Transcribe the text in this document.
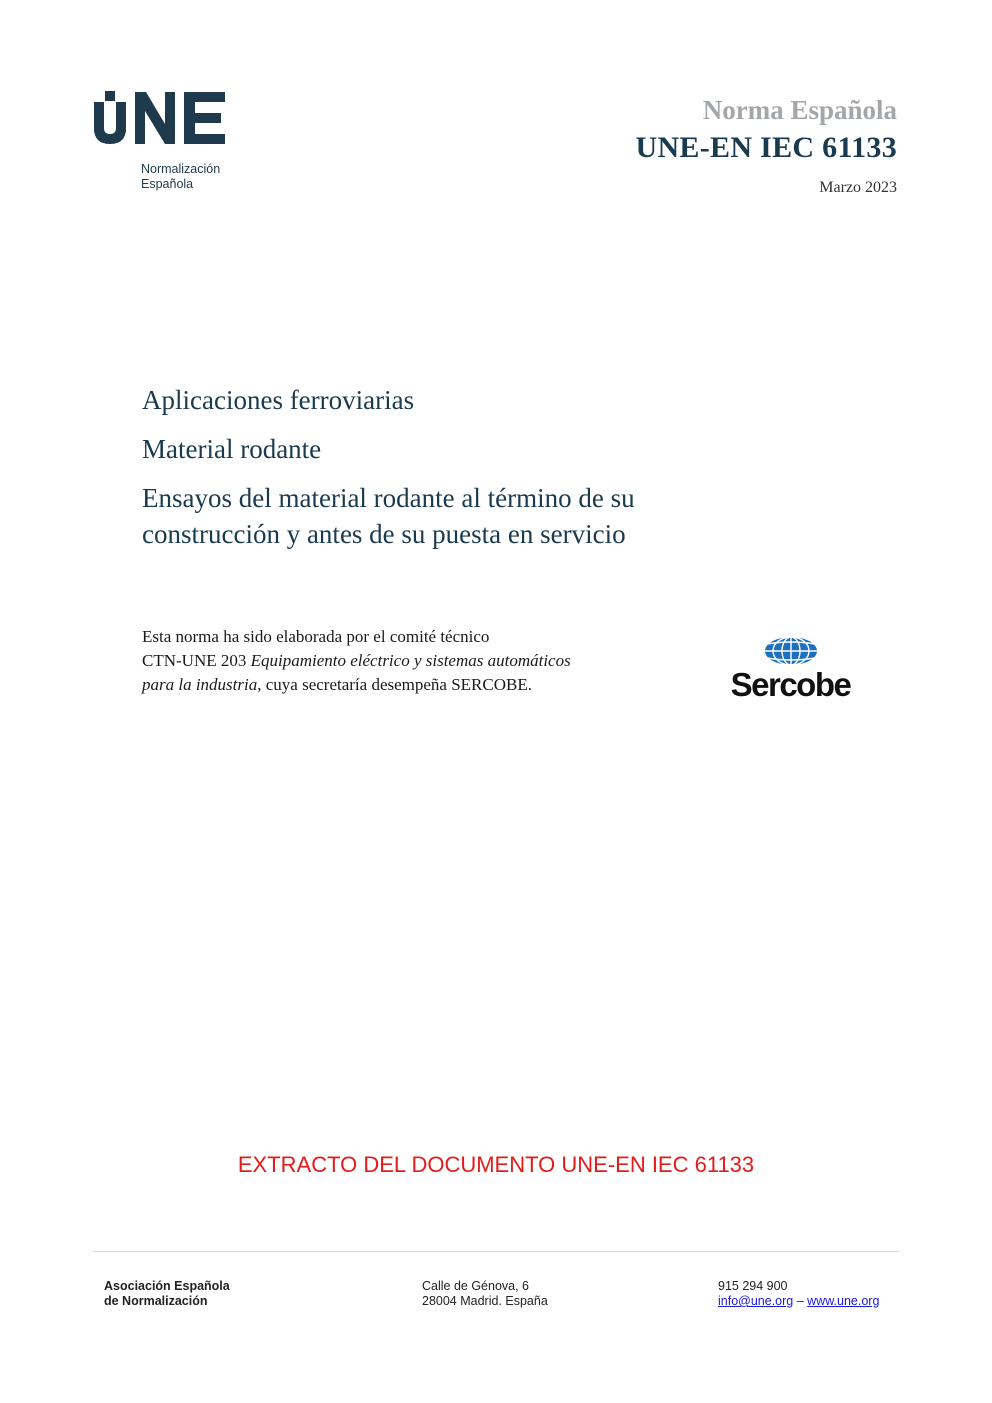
Normalización
Española
Norma Española
UNE-EN IEC 61133
Marzo 2023
Aplicaciones ferroviarias
Material rodante
Ensayos del material rodante al término de su
construcción y antes de su puesta en servicio
Esta norma ha sido elaborada por el comité técnico
CTN-UNE 203 Equipamiento eléctrico y sistemas automáticos
para la industria, cuya secretaría desempeña SERCOBE.	Sercobe
EXTRACTO DEL DOCUMENTO UNE-EN IEC 61133
Asociación Española
de Normalización
Calle de Génova, 6
28004 Madrid. España
915 294 900
info@une.org – www.une.org
